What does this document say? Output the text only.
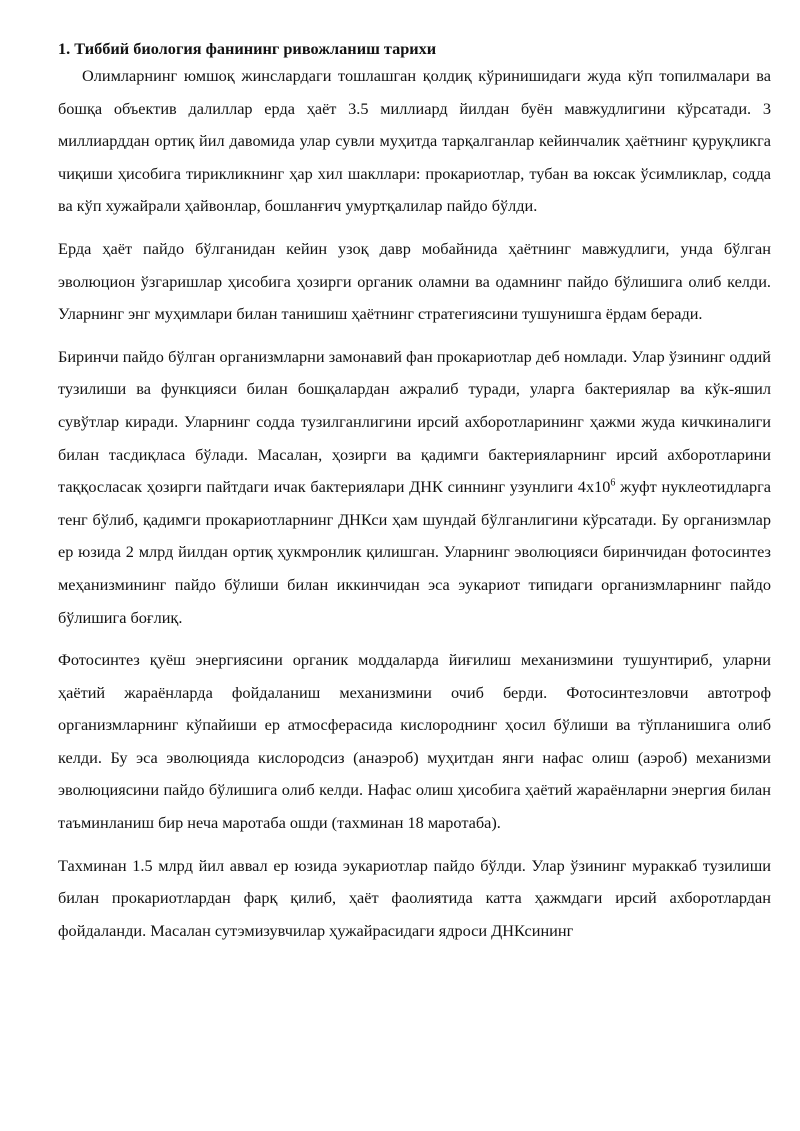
1. Тиббий биология фанининг ривожланиш тарихи

Олимларнинг юмшоқ жинслардаги тошлашган қолдиқ кўринишидаги жуда кўп топилмалари ва бошқа объектив далиллар ерда ҳаёт 3.5 миллиард йилдан буён мавжудлигини кўрсатади. 3 миллиарддан ортиқ йил давомида улар сувли муҳитда тарқалганлар кейинчалик ҳаётнинг қуруқликга чиқиши ҳисобига тирикликнинг ҳар хил шакллари: прокариотлар, тубан ва юксак ўсимликлар, содда ва кўп хужайрали ҳайвонлар, бошланғич умуртқалилар пайдо бўлди.

Ерда ҳаёт пайдо бўлганидан кейин узоқ давр мобайнида ҳаётнинг мавжудлиги, унда бўлган эволюцион ўзгаришлар ҳисобига ҳозирги органик оламни ва одамнинг пайдо бўлишига олиб келди. Уларнинг энг муҳимлари билан танишиш ҳаётнинг стратегиясини тушунишга ёрдам беради.

Биринчи пайдо бўлган организмларни замонавий фан прокариотлар деб номлади. Улар ўзининг оддий тузилиши ва функцияси билан бошқалардан ажралиб туради, уларга бактериялар ва кўк-яшил сувўтлар киради. Уларнинг содда тузилганлигини ирсий ахборотларининг ҳажми жуда кичкиналиги билан тасдиқласа бўлади. Масалан, ҳозирги ва қадимги бактерияларнинг ирсий ахборотларини таққосласак ҳозирги пайтдаги ичак бактериялари ДНК синнинг узунлиги $4х10^6$ жуфт нуклеотидларга тенг бўлиб, қадимги прокариотларнинг ДНКси ҳам шундай бўлганлигини кўрсатади. Бу организмлар ер юзида 2 млрд йилдан ортиқ ҳукмронлик қилишган. Уларнинг эволюцияси биринчидан фотосинтез меҳанизмининг пайдо бўлиши билан иккинчидан эса эукариот типидаги организмларнинг пайдо бўлишига боғлиқ.

Фотосинтез қуёш энергиясини органик моддаларда йиғилиш механизмини тушунтириб, уларни ҳаётий жараёнларда фойдаланиш механизмини очиб берди. Фотосинтезловчи автотроф организмларнинг кўпайиши ер атмосферасида кислороднинг ҳосил бўлиши ва тўпланишига олиб келди. Бу эса эволюцияда кислородсиз (анаэроб) муҳитдан янги нафас олиш (аэроб) механизми эволюциясини пайдо бўлишига олиб келди. Нафас олиш ҳисобига ҳаётий жараёнларни энергия билан таъминланиш бир неча маротаба ошди (тахминан 18 маротаба).

Тахминан 1.5 млрд йил аввал ер юзида эукариотлар пайдо бўлди. Улар ўзининг мураккаб тузилиши билан прокариотлардан фарқ қилиб, ҳаёт фаолиятида катта ҳажмдаги ирсий ахборотлардан фойдаланди. Масалан сутэмизувчилар ҳужайрасидаги ядроси ДНКсининг
